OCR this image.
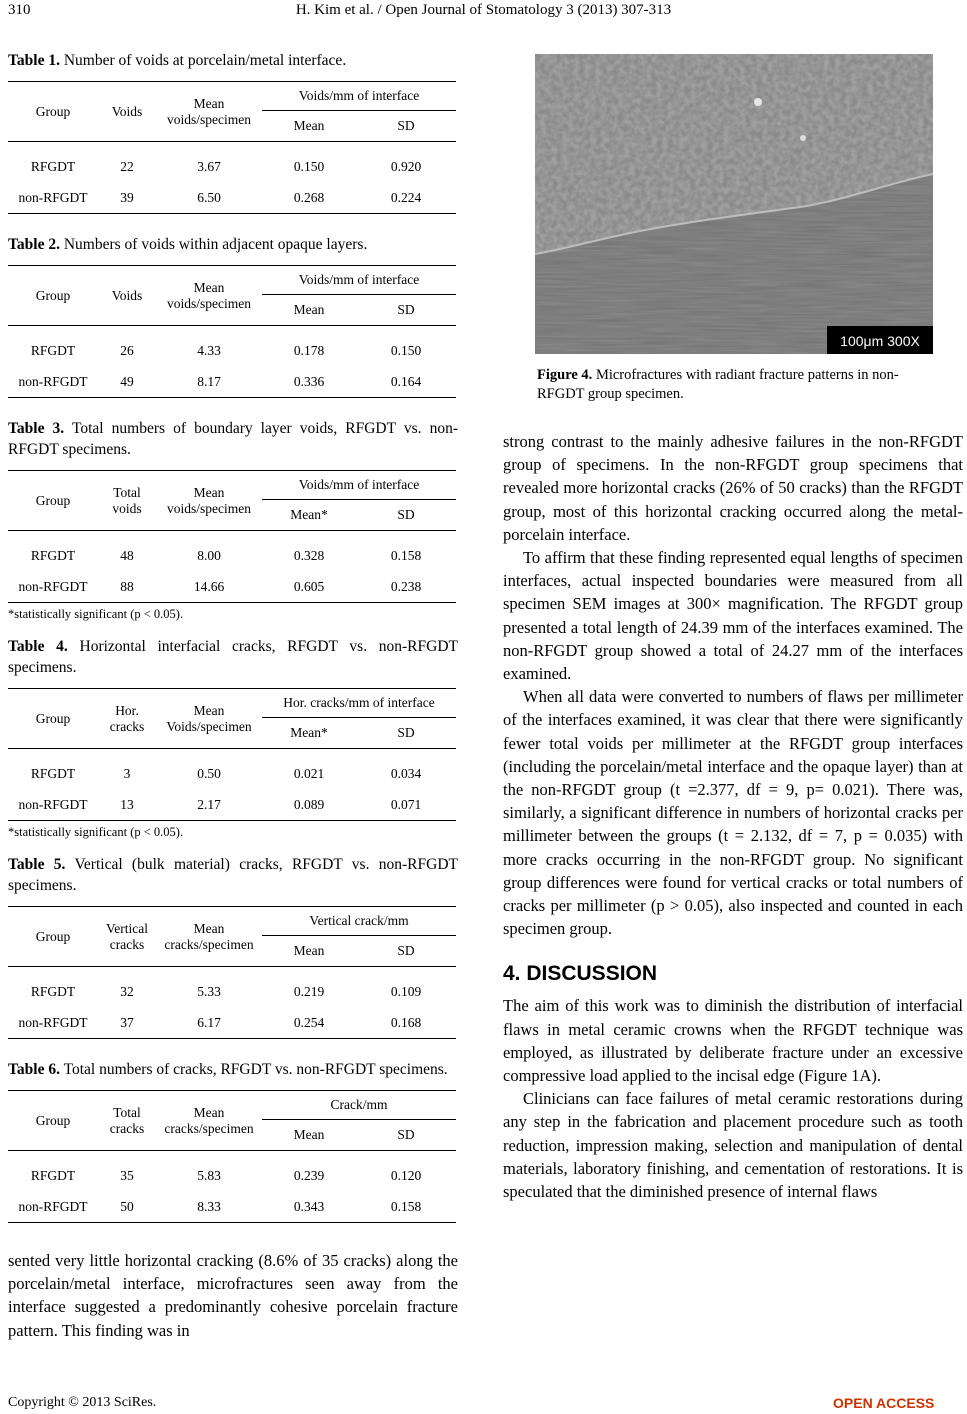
H. Kim et al. / Open Journal of Stomatology 3 (2013) 307-313
310

Table 1. Number of voids at porcelain/metal interface.

Group	Voids	Mean voids/specimen	Voids/mm of interface	
			Mean	SD
RFGDT	22	3.67	0.150	0.920
non-RFGDT	39	6.50	0.268	0.224

Table 2. Numbers of voids within adjacent opaque layers.

Group	Voids	Mean voids/specimen	Voids/mm of interface	
			Mean	SD
RFGDT	26	4.33	0.178	0.150
non-RFGDT	49	8.17	0.336	0.164

Table 3. Total numbers of boundary layer voids, RFGDT vs. non-RFGDT specimens.

Group	Total voids	Mean voids/specimen	Voids/mm of interface	
			Mean*	SD
RFGDT	48	8.00	0.328	0.158
non-RFGDT	88	14.66	0.605	0.238
*statistically significant (p < 0.05).

Table 4. Horizontal interfacial cracks, RFGDT vs. non-RFGDT specimens.

Group	Hor. cracks	Mean Voids/specimen	Hor. cracks/mm of interface	
			Mean*	SD
RFGDT	3	0.50	0.021	0.034
non-RFGDT	13	2.17	0.089	0.071
*statistically significant (p < 0.05).

Table 5. Vertical (bulk material) cracks, RFGDT vs. non-RFGDT specimens.

Group	Vertical cracks	Mean cracks/specimen	Vertical crack/mm	
			Mean	SD
RFGDT	32	5.33	0.219	0.109
non-RFGDT	37	6.17	0.254	0.168

Table 6. Total numbers of cracks, RFGDT vs. non-RFGDT specimens.

Group	Total cracks	Mean cracks/specimen	Crack/mm	
			Mean	SD
RFGDT	35	5.83	0.239	0.120
non-RFGDT	50	8.33	0.343	0.158

sented very little horizontal cracking (8.6% of 35 cracks) along the porcelain/metal interface, microfractures seen away from the interface suggested a predominantly cohesive porcelain fracture pattern. This finding was in

100μm 300X
Figure 4. Microfractures with radiant fracture patterns in non-RFGDT group specimen.

strong contrast to the mainly adhesive failures in the non-RFGDT group of specimens. In the non-RFGDT group specimens that revealed more horizontal cracks (26% of 50 cracks) than the RFGDT group, most of this horizontal cracking occurred along the metal-porcelain interface.

To affirm that these finding represented equal lengths of specimen interfaces, actual inspected boundaries were measured from all specimen SEM images at 300× magnification. The RFGDT group presented a total length of 24.39 mm of the interfaces examined. The non-RFGDT group showed a total of 24.27 mm of the interfaces examined.

When all data were converted to numbers of flaws per millimeter of the interfaces examined, it was clear that there were significantly fewer total voids per millimeter at the RFGDT group interfaces (including the porcelain/metal interface and the opaque layer) than at the non-RFGDT group (t =2.377, df = 9, p= 0.021). There was, similarly, a significant difference in numbers of horizontal cracks per millimeter between the groups (t = 2.132, df = 7, p = 0.035) with more cracks occurring in the non-RFGDT group. No significant group differences were found for vertical cracks or total numbers of cracks per millimeter (p > 0.05), also inspected and counted in each specimen group.

4. DISCUSSION

The aim of this work was to diminish the distribution of interfacial flaws in metal ceramic crowns when the RFGDT technique was employed, as illustrated by deliberate fracture under an excessive compressive load applied to the incisal edge (Figure 1A).

Clinicians can face failures of metal ceramic restorations during any step in the fabrication and placement procedure such as tooth reduction, impression making, selection and manipulation of dental materials, laboratory finishing, and cementation of restorations. It is speculated that the diminished presence of internal flaws

Copyright © 2013 SciRes.	OPEN ACCESS
